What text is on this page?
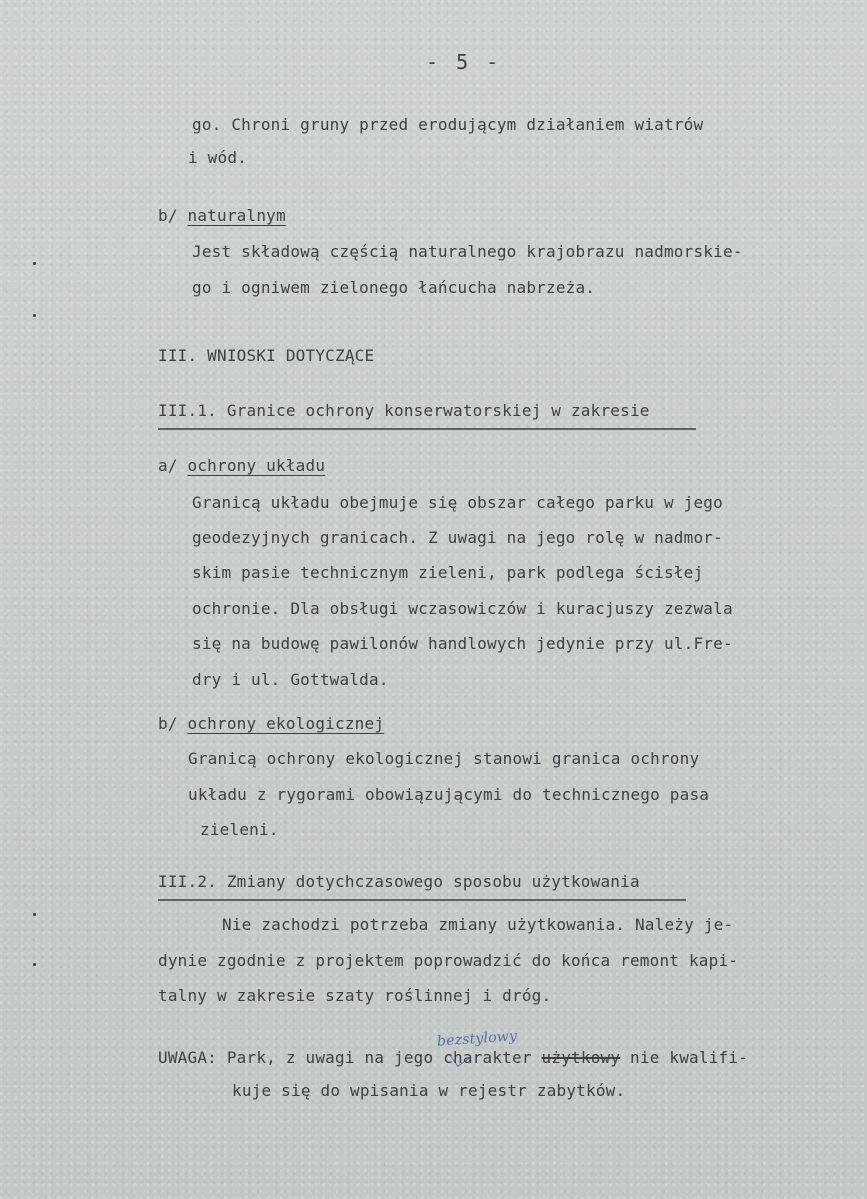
- 5 -
go. Chroni gruny przed erodującym działaniem wiatrów
i wód.
b/ naturalnym
Jest składową częścią naturalnego krajobrazu nadmorskie-
go i ogniwem zielonego łańcucha nabrzeża.
III. WNIOSKI DOTYCZĄCE
III.1. Granice ochrony konserwatorskiej w zakresie
a/ ochrony układu
Granicą układu obejmuje się obszar całego parku w jego
geodezyjnych granicach. Z uwagi na jego rolę w nadmor-
skim pasie technicznym zieleni, park podlega ścisłej
ochronie. Dla obsługi wczasowiczów i kuracjuszy zezwala
się na budowę pawilonów handlowych jedynie przy ul.Fre-
dry i ul. Gottwalda.
b/ ochrony ekologicznej
Granicą ochrony ekologicznej stanowi granica ochrony
układu z rygorami obowiązującymi do technicznego pasa
zieleni.
III.2. Zmiany dotychczasowego sposobu użytkowania
Nie zachodzi potrzeba zmiany użytkowania. Należy je-
dynie zgodnie z projektem poprowadzić do końca remont kapi-
talny w zakresie szaty roślinnej i dróg.
bezstylowy
UWAGA: Park, z uwagi na jego charakter użytkowy nie kwalifi-
kuje się do wpisania w rejestr zabytków.
